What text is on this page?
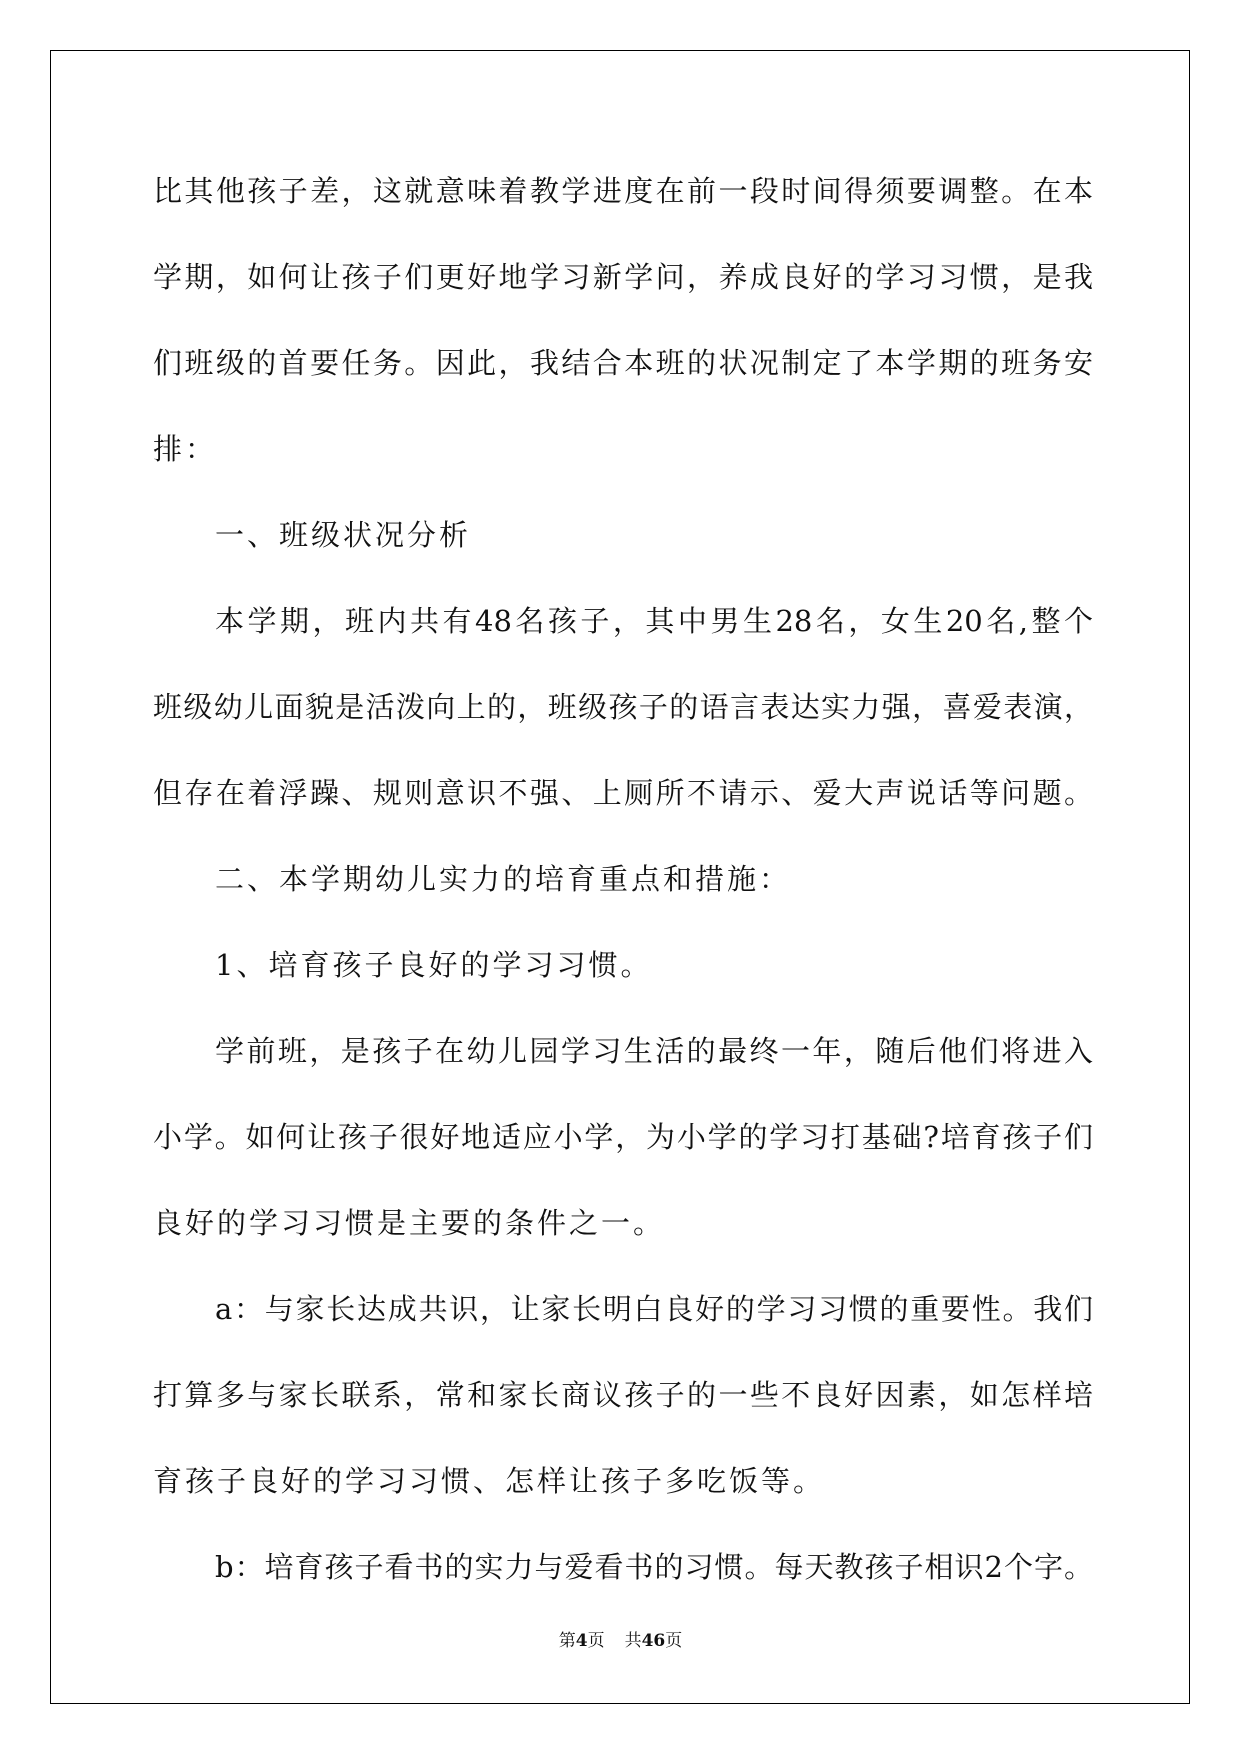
比其他孩子差，这就意味着教学进度在前一段时间得须要调整。在本

学期，如何让孩子们更好地学习新学问，养成良好的学习习惯，是我

们班级的首要任务。因此，我结合本班的状况制定了本学期的班务安

排：

一、班级状况分析

本学期，班内共有48名孩子，其中男生28名，女生20名,整个

班级幼儿面貌是活泼向上的，班级孩子的语言表达实力强，喜爱表演，

但存在着浮躁、规则意识不强、上厕所不请示、爱大声说话等问题。

二、本学期幼儿实力的培育重点和措施：

1、培育孩子良好的学习习惯。

学前班，是孩子在幼儿园学习生活的最终一年，随后他们将进入

小学。如何让孩子很好地适应小学，为小学的学习打基础?培育孩子们

良好的学习习惯是主要的条件之一。

a：与家长达成共识，让家长明白良好的学习习惯的重要性。我们

打算多与家长联系，常和家长商议孩子的一些不良好因素，如怎样培

育孩子良好的学习习惯、怎样让孩子多吃饭等。

b：培育孩子看书的实力与爱看书的习惯。每天教孩子相识2个字。

第4页 共46页
